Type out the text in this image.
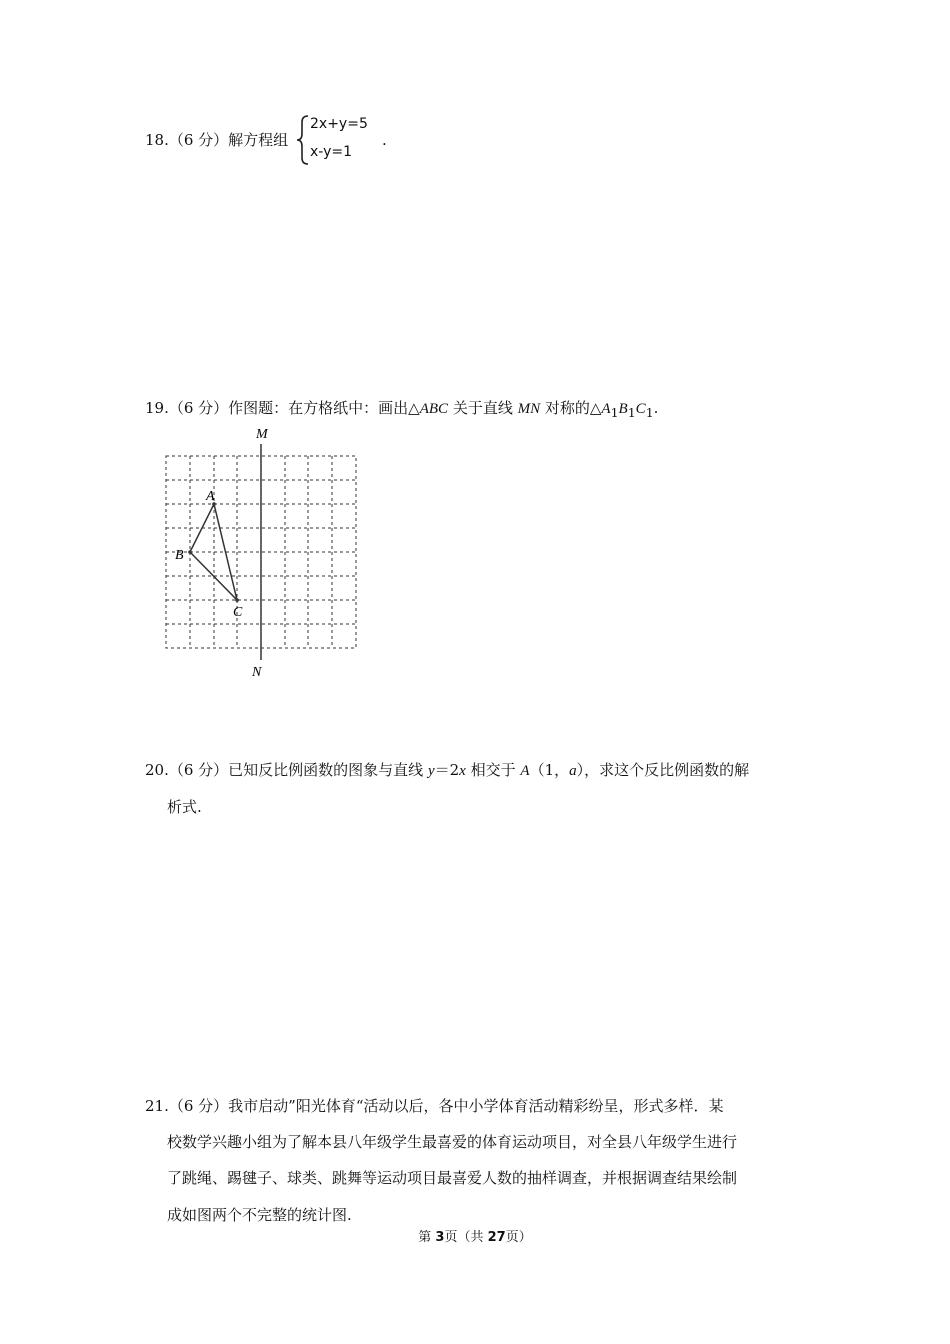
18.（6 分）解方程组
2x+y=5
x-y=1
.
19.（6 分）作图题：在方格纸中：画出△ABC 关于直线 MN 对称的$\triangle A_1B_1C_1$.
M
N
A
B
C
20.（6 分）已知反比例函数的图象与直线 y＝2x 相交于 A（1，a），求这个反比例函数的解
析式.
21.（6 分）我市启动”阳光体育“活动以后，各中小学体育活动精彩纷呈，形式多样．某
校数学兴趣小组为了解本县八年级学生最喜爱的体育运动项目，对全县八年级学生进行
了跳绳、踢毽子、球类、跳舞等运动项目最喜爱人数的抽样调查，并根据调查结果绘制
成如图两个不完整的统计图.
第 3页（共 27页）
